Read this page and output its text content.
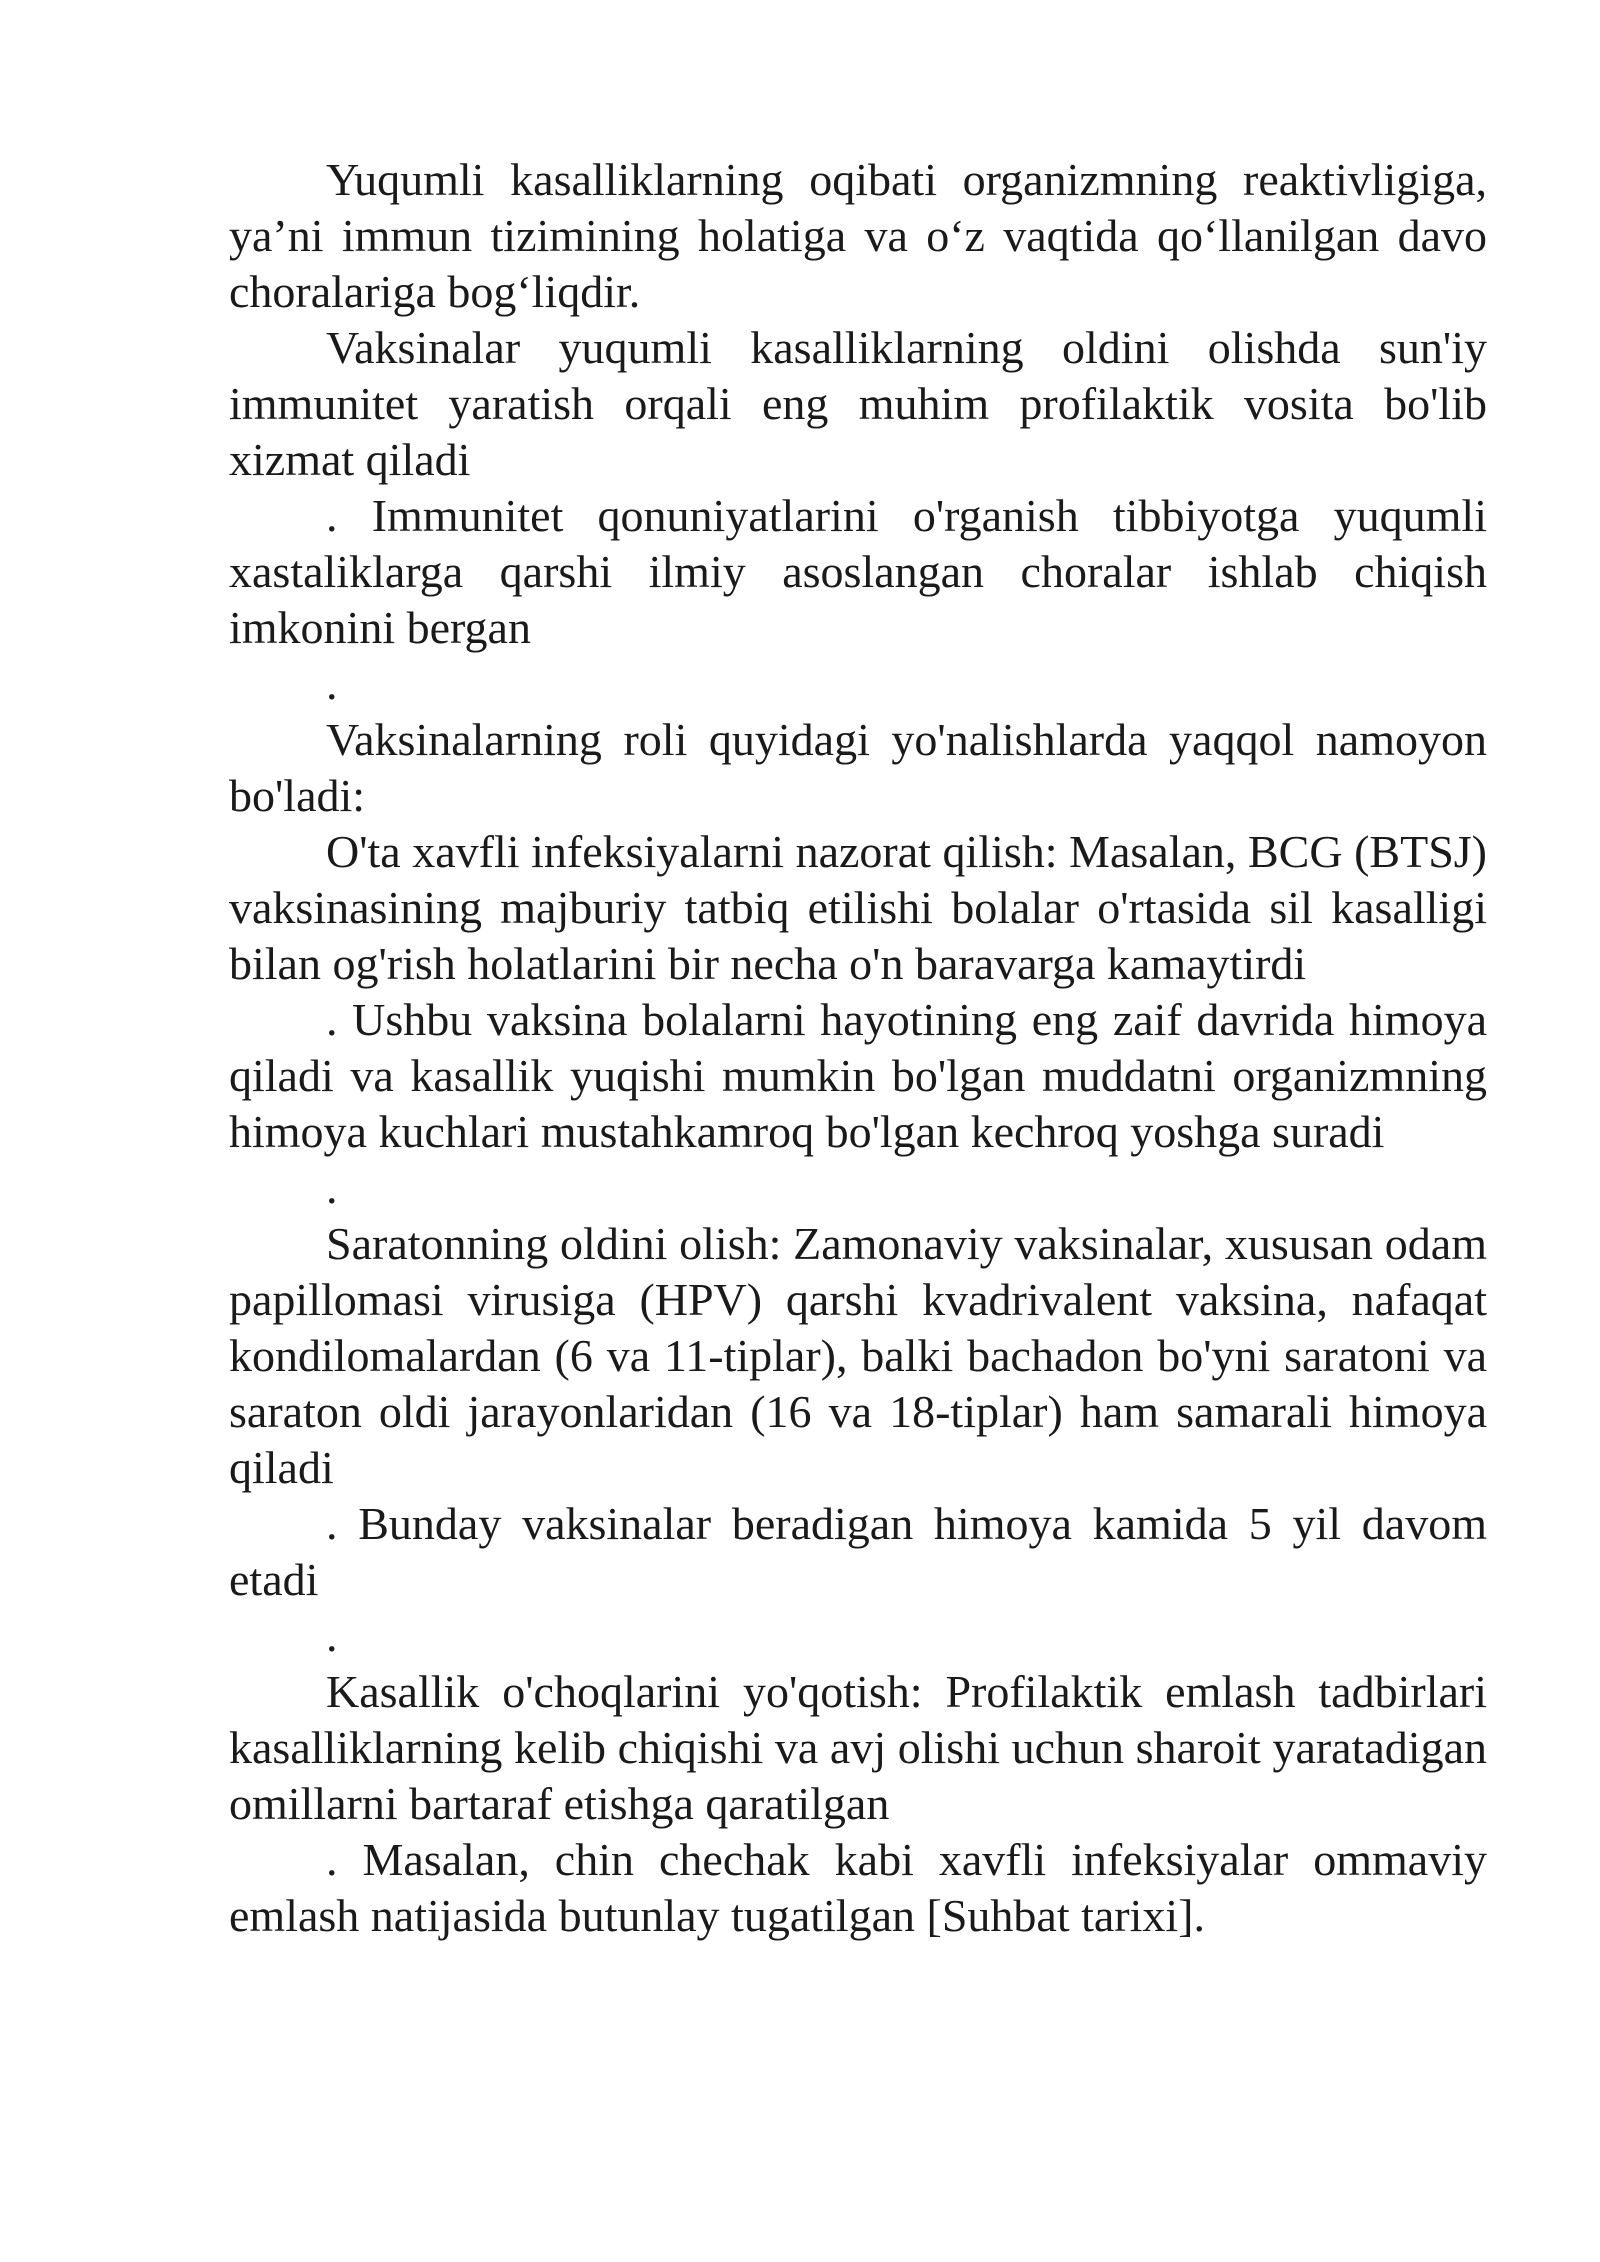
Yuqumli kasalliklarning oqibati organizmning reaktivligiga, ya’ni immun tizimining holatiga va o‘z vaqtida qo‘llanilgan davo choralariga bog‘liqdir.

Vaksinalar yuqumli kasalliklarning oldini olishda sun'iy immunitet yaratish orqali eng muhim profilaktik vosita bo'lib xizmat qiladi

. Immunitet qonuniyatlarini o'rganish tibbiyotga yuqumli xastaliklarga qarshi ilmiy asoslangan choralar ishlab chiqish imkonini bergan

.

Vaksinalarning roli quyidagi yo'nalishlarda yaqqol namoyon bo'ladi:

O'ta xavfli infeksiyalarni nazorat qilish: Masalan, BCG (BTSJ) vaksinasining majburiy tatbiq etilishi bolalar o'rtasida sil kasalligi bilan og'rish holatlarini bir necha o'n baravarga kamaytirdi

. Ushbu vaksina bolalarni hayotining eng zaif davrida himoya qiladi va kasallik yuqishi mumkin bo'lgan muddatni organizmning himoya kuchlari mustahkamroq bo'lgan kechroq yoshga suradi

.

Saratonning oldini olish: Zamonaviy vaksinalar, xususan odam papillomasi virusiga (HPV) qarshi kvadrivalent vaksina, nafaqat kondilomalardan (6 va 11-tiplar), balki bachadon bo'yni saratoni va saraton oldi jarayonlaridan (16 va 18-tiplar) ham samarali himoya qiladi

. Bunday vaksinalar beradigan himoya kamida 5 yil davom etadi

.

Kasallik o'choqlarini yo'qotish: Profilaktik emlash tadbirlari kasalliklarning kelib chiqishi va avj olishi uchun sharoit yaratadigan omillarni bartaraf etishga qaratilgan

. Masalan, chin chechak kabi xavfli infeksiyalar ommaviy emlash natijasida butunlay tugatilgan [Suhbat tarixi].
